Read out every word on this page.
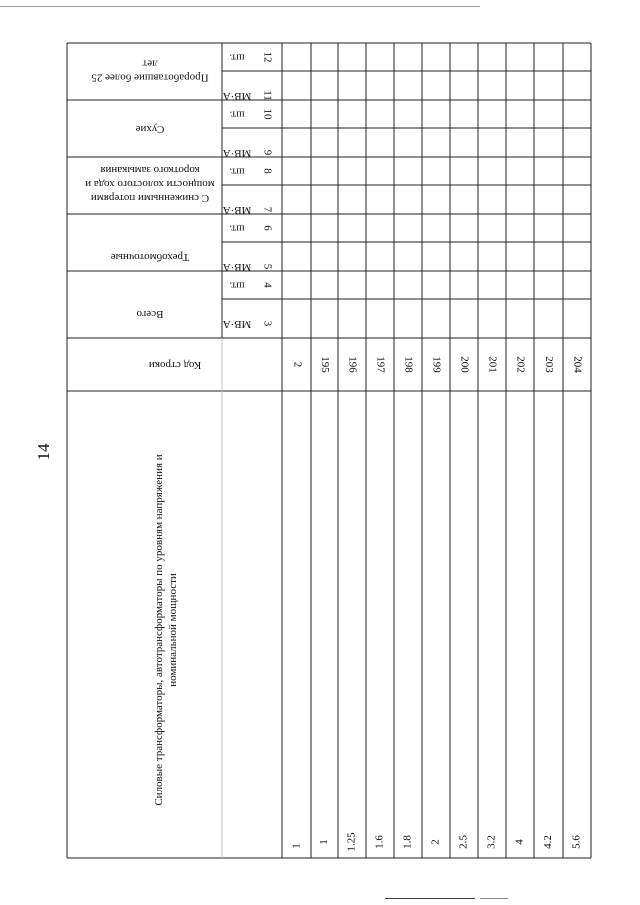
14
Всего
Трехобмоточные
С сниженными потерямимощности холостого хода икороткого замыкания
Сухие
Проработавшие более 25лет
МВ·А 3
шт. 4
МВ·А 5
шт. 6
МВ·А 7
шт. 8
МВ·А 9
шт. 10
МВ·А 11
шт. 12
Код строки	2
Силовые трансформаторы, автотрансформаторы по уровням напряжения и номинальной мощности
1
195
1
196
1.25
197
1.6
198
1.8
199
2
200
2.5
201
3.2
202
4
203
4.2
204
5.6
